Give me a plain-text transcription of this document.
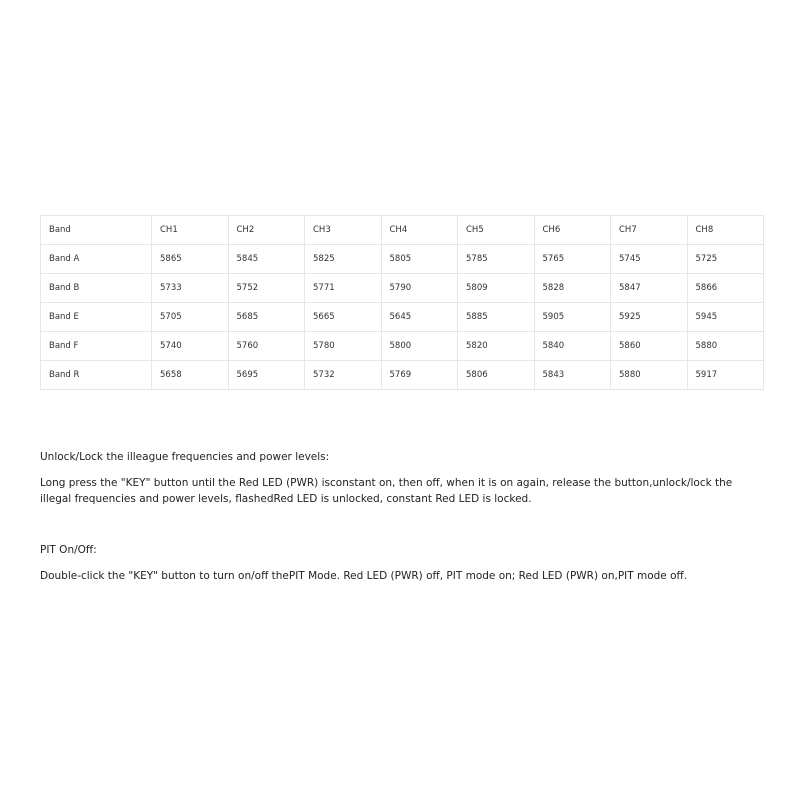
Band	CH1	CH2	CH3	CH4	CH5	CH6	CH7	CH8
Band A	5865	5845	5825	5805	5785	5765	5745	5725
Band B	5733	5752	5771	5790	5809	5828	5847	5866
Band E	5705	5685	5665	5645	5885	5905	5925	5945
Band F	5740	5760	5780	5800	5820	5840	5860	5880
Band R	5658	5695	5732	5769	5806	5843	5880	5917

Unlock/Lock the illeague frequencies and power levels:

Long press the "KEY" button until the Red LED (PWR) isconstant on, then off, when it is on again, release the button,unlock/lock the illegal frequencies and power levels, flashedRed LED is unlocked, constant Red LED is locked.

PIT On/Off:

Double-click the "KEY" button to turn on/off thePIT Mode. Red LED (PWR) off, PIT mode on; Red LED (PWR) on,PIT mode off.
